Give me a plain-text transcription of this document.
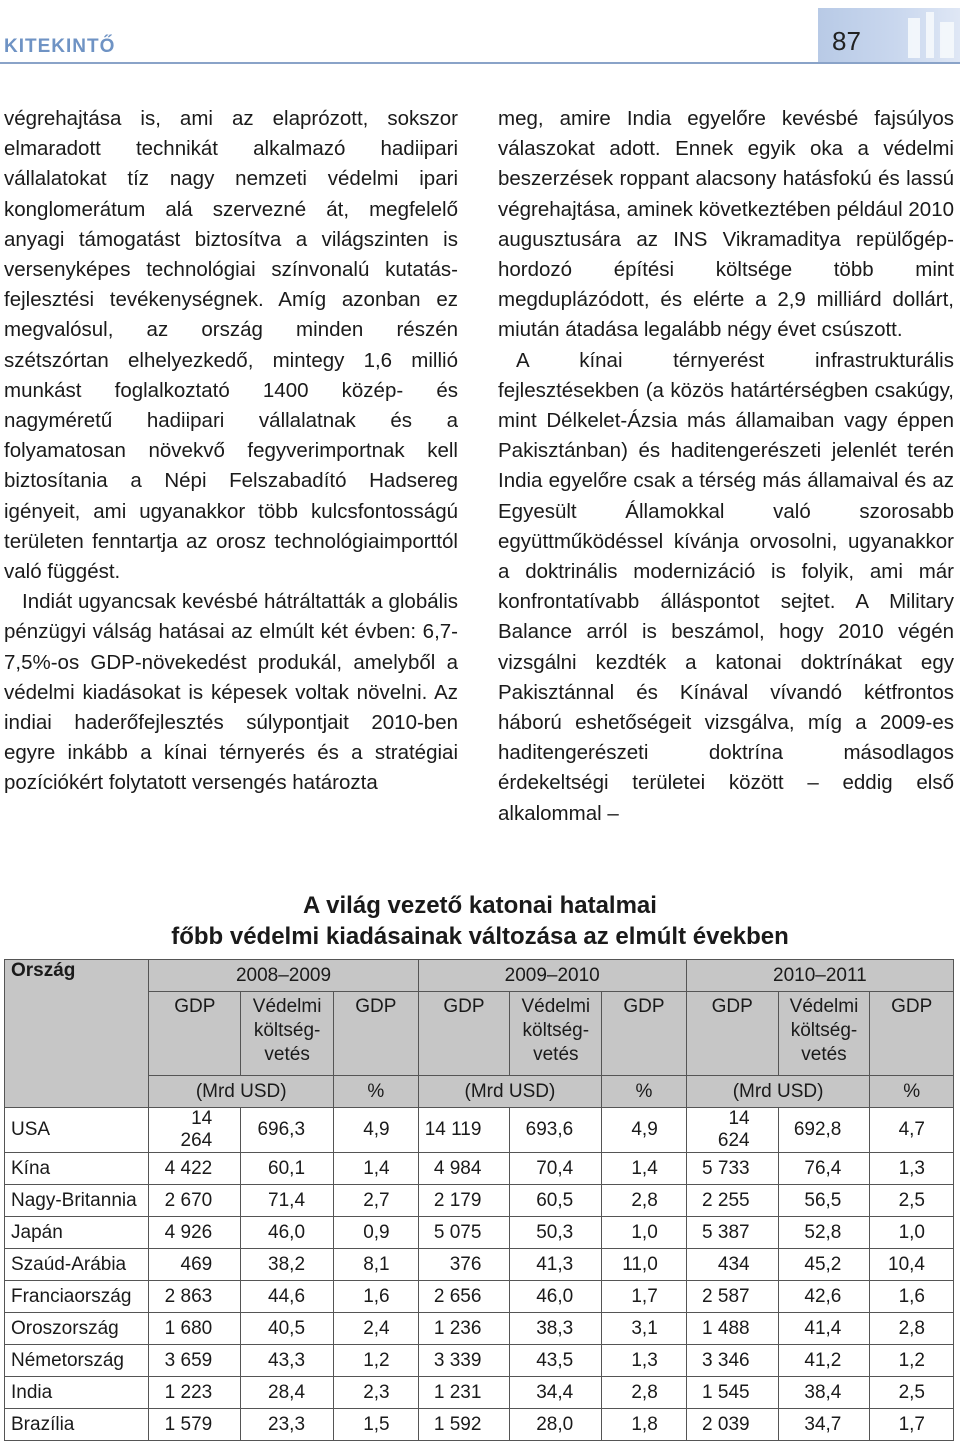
KITEKINTŐ	87

végrehajtása is, ami az elaprózott, sokszor elmaradott technikát alkalmazó hadiipari vállalatokat tíz nagy nemzeti védelmi ipari konglomerátum alá szervezné át, megfelelő anyagi támogatást biztosítva a világszinten is versenyképes technológiai színvonalú kutatás-fejlesztési tevékenységnek. Amíg azonban ez megvalósul, az ország minden részén szétszórtan elhelyezkedő, mintegy 1,6 millió munkást foglalkoztató 1400 közép- és nagyméretű hadiipari vállalatnak és a folyamatosan növekvő fegyverimportnak kell biztosítania a Népi Felszabadító Hadsereg igényeit, ami ugyanakkor több kulcsfontosságú területen fenntartja az orosz technológiaimporttól való függést.

Indiát ugyancsak kevésbé hátráltatták a globális pénzügyi válság hatásai az elmúlt két évben: 6,7-7,5%-os GDP-növekedést produkál, amelyből a védelmi kiadásokat is képesek voltak növelni. Az indiai haderőfejlesztés súlypontjait 2010-ben egyre inkább a kínai térnyerés és a stratégiai pozíciókért folytatott versengés határozta

meg, amire India egyelőre kevésbé fajsúlyos válaszokat adott. Ennek egyik oka a védelmi beszerzések roppant alacsony hatásfokú és lassú végrehajtása, aminek következtében például 2010 augusztusára az INS Vikramaditya repülőgép-hordozó építési költsége több mint megduplázódott, és elérte a 2,9 milliárd dollárt, miután átadása legalább négy évet csúszott.

A kínai térnyerést infrastrukturális fejlesztésekben (a közös határtérségben csakúgy, mint Délkelet-Ázsia más államaiban vagy éppen Pakisztánban) és haditengerészeti jelenlét terén India egyelőre csak a térség más államaival és az Egyesült Államokkal való szorosabb együttműködéssel kívánja orvosolni, ugyanakkor a doktrinális modernizáció is folyik, ami már konfrontatívabb álláspontot sejtet. A Military Balance arról is beszámol, hogy 2010 végén vizsgálni kezdték a katonai doktrínákat egy Pakisztánnal és Kínával vívandó kétfrontos háború eshetőségeit vizsgálva, míg a 2009-es haditengerészeti doktrína másodlagos érdekeltségi területei között – eddig első alkalommal –

A világ vezető katonai hatalmai
főbb védelmi kiadásainak változása az elmúlt években
Ország	2008–2009			2009–2010			2010–2011		
	GDP	Védelmi költség-vetés	GDP	GDP	Védelmi költség-vetés	GDP	GDP	Védelmi költség-vetés	GDP
	(Mrd USD)		%	(Mrd USD)		%	(Mrd USD)		%
USA	14 264	696,3	4,9	14 119	693,6	4,9	14 624	692,8	4,7
Kína	4 422	60,1	1,4	4 984	70,4	1,4	5 733	76,4	1,3
Nagy-Britannia	2 670	71,4	2,7	2 179	60,5	2,8	2 255	56,5	2,5
Japán	4 926	46,0	0,9	5 075	50,3	1,0	5 387	52,8	1,0
Szaúd-Arábia	469	38,2	8,1	376	41,3	11,0	434	45,2	10,4
Franciaország	2 863	44,6	1,6	2 656	46,0	1,7	2 587	42,6	1,6
Oroszország	1 680	40,5	2,4	1 236	38,3	3,1	1 488	41,4	2,8
Németország	3 659	43,3	1,2	3 339	43,5	1,3	3 346	41,2	1,2
India	1 223	28,4	2,3	1 231	34,4	2,8	1 545	38,4	2,5
Brazília	1 579	23,3	1,5	1 592	28,0	1,8	2 039	34,7	1,7
